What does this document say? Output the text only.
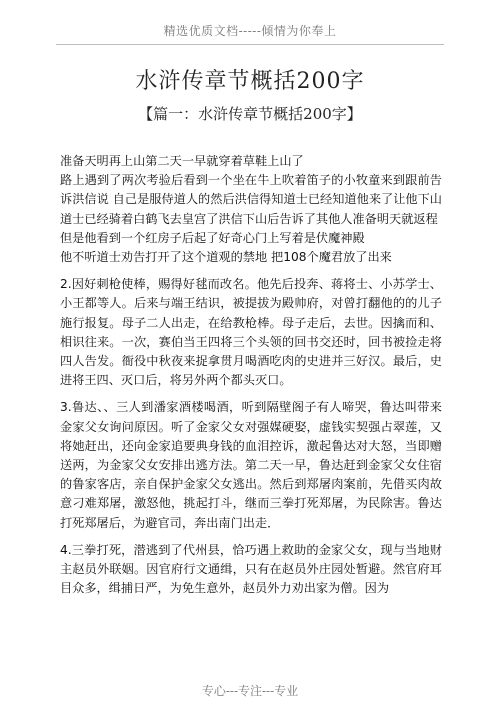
精选优质文档-----倾情为你奉上
水浒传章节概括200字
【篇一：水浒传章节概括200字】

准备天明再上山第二天一早就穿着草鞋上山了

路上遇到了两次考验后看到一个坐在牛上吹着笛子的小牧童来到跟前告诉洪信说 自己是服侍道人的然后洪信得知道士已经知道他来了让他下山道士已经骑着白鹤飞去皇宫了洪信下山后告诉了其他人准备明天就返程

但是他看到一个红房子后起了好奇心门上写着是伏魔神殿

他不听道士劝告打开了这个道观的禁地 把108个魔君放了出来

2.因好刺枪使棒，赐得好毬而改名。他先后投奔、蒋将士、小苏学士、小王都等人。后来与端王结识，被提拔为殿帅府，对曾打翻他的的儿子施行报复。母子二人出走，在给教枪棒。母子走后，去世。因擒而和、相识往来。一次，赛伯当王四将三个头领的回书交还时，回书被捡走将四人告发。衙役中秋夜来捉拿贯月喝酒吃肉的史进并三好汉。最后，史进将王四、灭口后，将另外两个都头灭口。

3.鲁达、、三人到潘家酒楼喝酒，听到隔壁阁子有人啼哭，鲁达叫带来金家父女询问原因。听了金家父女对强媒硬娶，虚钱实契强占翠莲，又将她赶出，还向金家追要典身钱的血泪控诉，激起鲁达对大怒，当即赠送两，为金家父女安排出逃方法。第二天一早，鲁达赶到金家父女住宿的鲁家客店，亲自保护金家父女逃出。然后到郑屠肉案前，先借买肉故意刁难郑屠，激怒他，挑起打斗，继而三拳打死郑屠，为民除害。鲁达打死郑屠后，为避官司，奔出南门出走．

4.三拳打死，潜逃到了代州县，恰巧遇上救助的金家父女，现与当地财主赵员外联姻。因官府行文通缉，只有在赵员外庄园处暂避。然官府耳目众多，缉捕日严，为免生意外，赵员外力劝出家为僧。因为

专心---专注---专业
